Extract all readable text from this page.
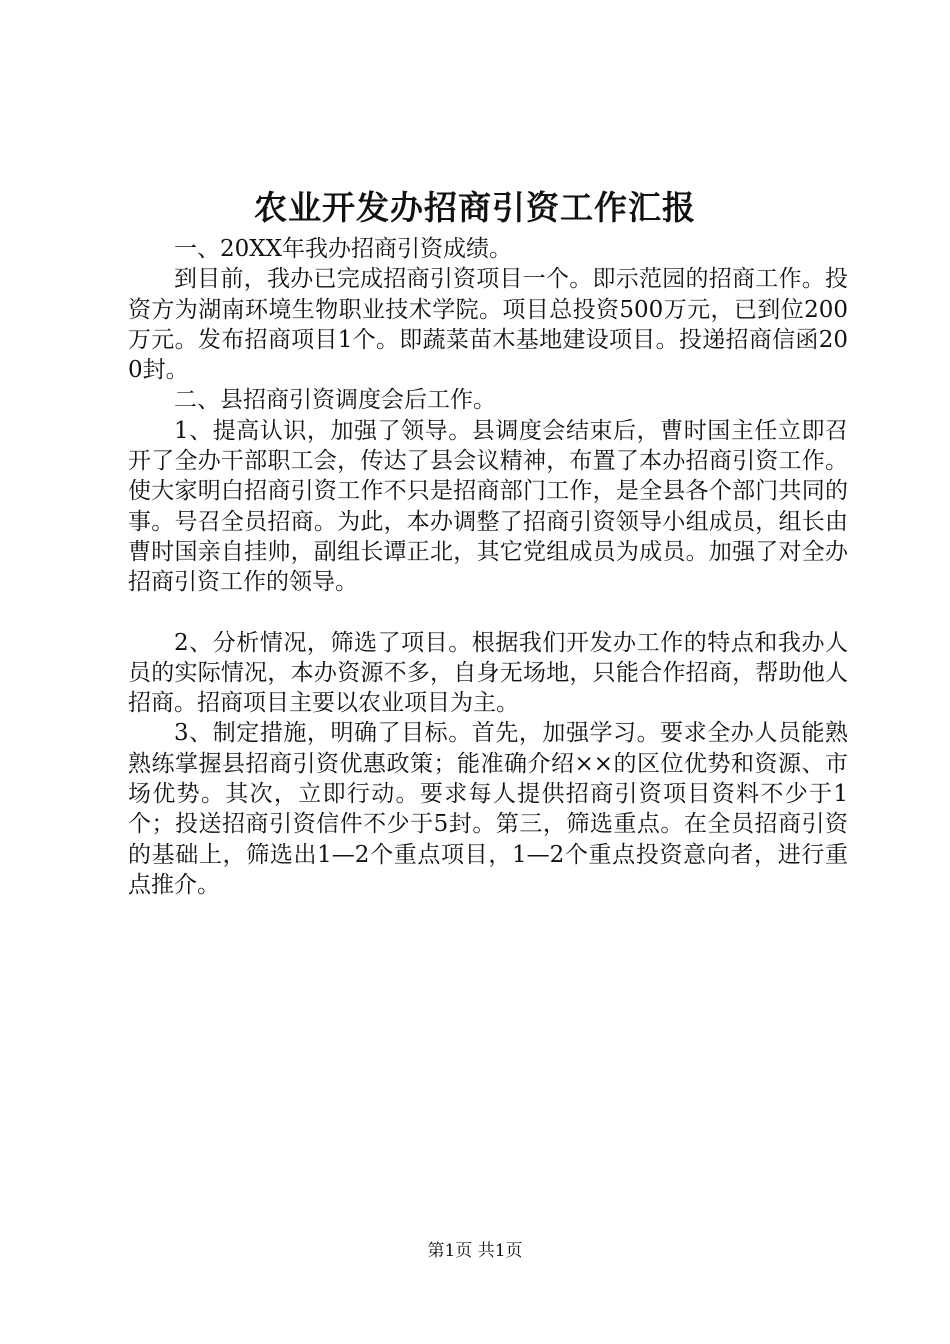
农业开发办招商引资工作汇报

一、20XX年我办招商引资成绩。

到目前，我办已完成招商引资项目一个。即示范园的招商工作。投资方为湖南环境生物职业技术学院。项目总投资500万元，已到位200万元。发布招商项目1个。即蔬菜苗木基地建设项目。投递招商信函200封。

二、县招商引资调度会后工作。

1、提高认识，加强了领导。县调度会结束后，曹时国主任立即召开了全办干部职工会，传达了县会议精神，布置了本办招商引资工作。使大家明白招商引资工作不只是招商部门工作，是全县各个部门共同的事。号召全员招商。为此，本办调整了招商引资领导小组成员，组长由曹时国亲自挂帅，副组长谭正北，其它党组成员为成员。加强了对全办招商引资工作的领导。

2、分析情况，筛选了项目。根据我们开发办工作的特点和我办人员的实际情况，本办资源不多，自身无场地，只能合作招商，帮助他人招商。招商项目主要以农业项目为主。

3、制定措施，明确了目标。首先，加强学习。要求全办人员能熟熟练掌握县招商引资优惠政策；能准确介绍××的区位优势和资源、市场优势。其次，立即行动。要求每人提供招商引资项目资料不少于1个；投送招商引资信件不少于5封。第三，筛选重点。在全员招商引资的基础上，筛选出1—2个重点项目，1—2个重点投资意向者，进行重点推介。

第1页 共1页
